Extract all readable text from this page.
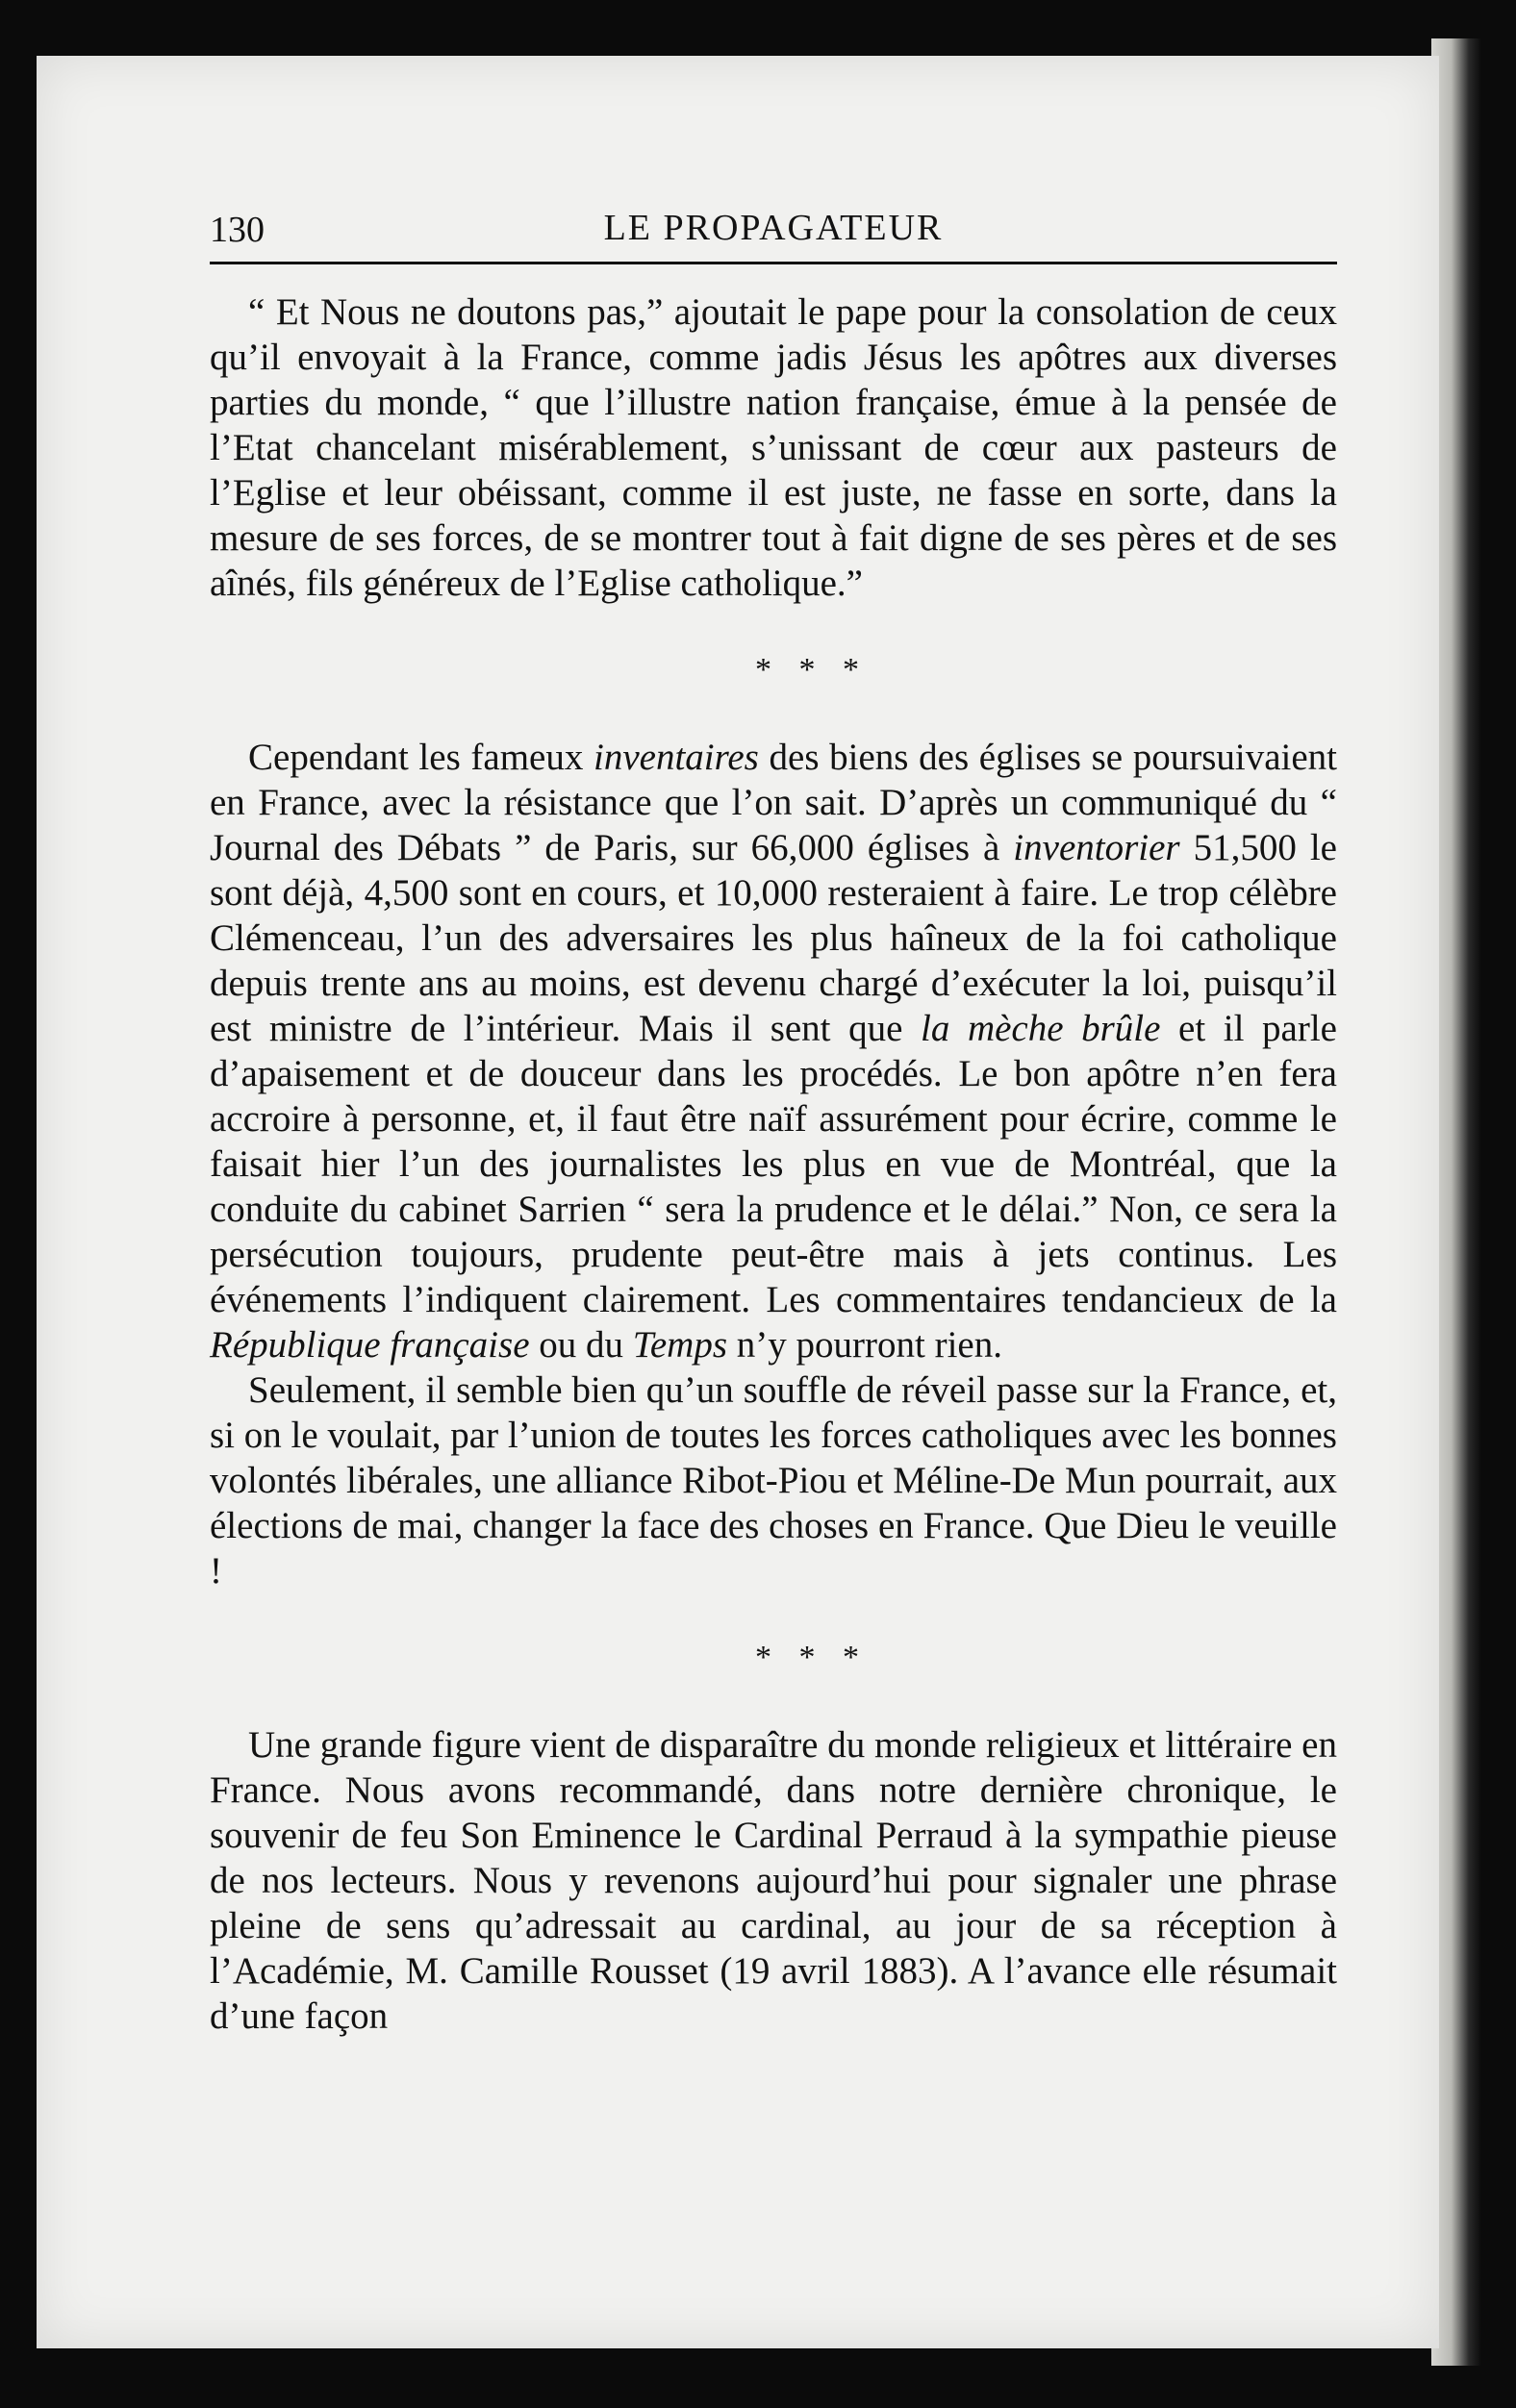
130	LE PROPAGATEUR

“ Et Nous ne doutons pas,” ajoutait le pape pour la consolation de ceux qu’il envoyait à la France, comme jadis Jésus les apôtres aux diverses parties du monde, “ que l’illustre nation française, émue à la pensée de l’Etat chancelant misérablement, s’unissant de cœur aux pasteurs de l’Eglise et leur obéissant, comme il est juste, ne fasse en sorte, dans la mesure de ses forces, de se montrer tout à fait digne de ses pères et de ses aînés, fils généreux de l’Eglise catholique.”

* * *

Cependant les fameux inventaires des biens des églises se poursuivaient en France, avec la résistance que l’on sait. D’après un communiqué du “ Journal des Débats ” de Paris, sur 66,000 églises à inventorier 51,500 le sont déjà, 4,500 sont en cours, et 10,000 resteraient à faire. Le trop célèbre Clémenceau, l’un des adversaires les plus haîneux de la foi catholique depuis trente ans au moins, est devenu chargé d’exécuter la loi, puisqu’il est ministre de l’intérieur. Mais il sent que la mèche brûle et il parle d’apaisement et de douceur dans les procédés. Le bon apôtre n’en fera accroire à personne, et, il faut être naïf assurément pour écrire, comme le faisait hier l’un des journalistes les plus en vue de Montréal, que la conduite du cabinet Sarrien “ sera la prudence et le délai.” Non, ce sera la persécution toujours, prudente peut-être mais à jets continus. Les événements l’indiquent clairement. Les commentaires tendancieux de la République française ou du Temps n’y pourront rien.

Seulement, il semble bien qu’un souffle de réveil passe sur la France, et, si on le voulait, par l’union de toutes les forces catholiques avec les bonnes volontés libérales, une alliance Ribot-Piou et Méline-De Mun pourrait, aux élections de mai, changer la face des choses en France. Que Dieu le veuille !

* * *

Une grande figure vient de disparaître du monde religieux et littéraire en France. Nous avons recommandé, dans notre dernière chronique, le souvenir de feu Son Eminence le Cardinal Perraud à la sympathie pieuse de nos lecteurs. Nous y revenons aujourd’hui pour signaler une phrase pleine de sens qu’adressait au cardinal, au jour de sa réception à l’Académie, M. Camille Rousset (19 avril 1883). A l’avance elle résumait d’une façon
